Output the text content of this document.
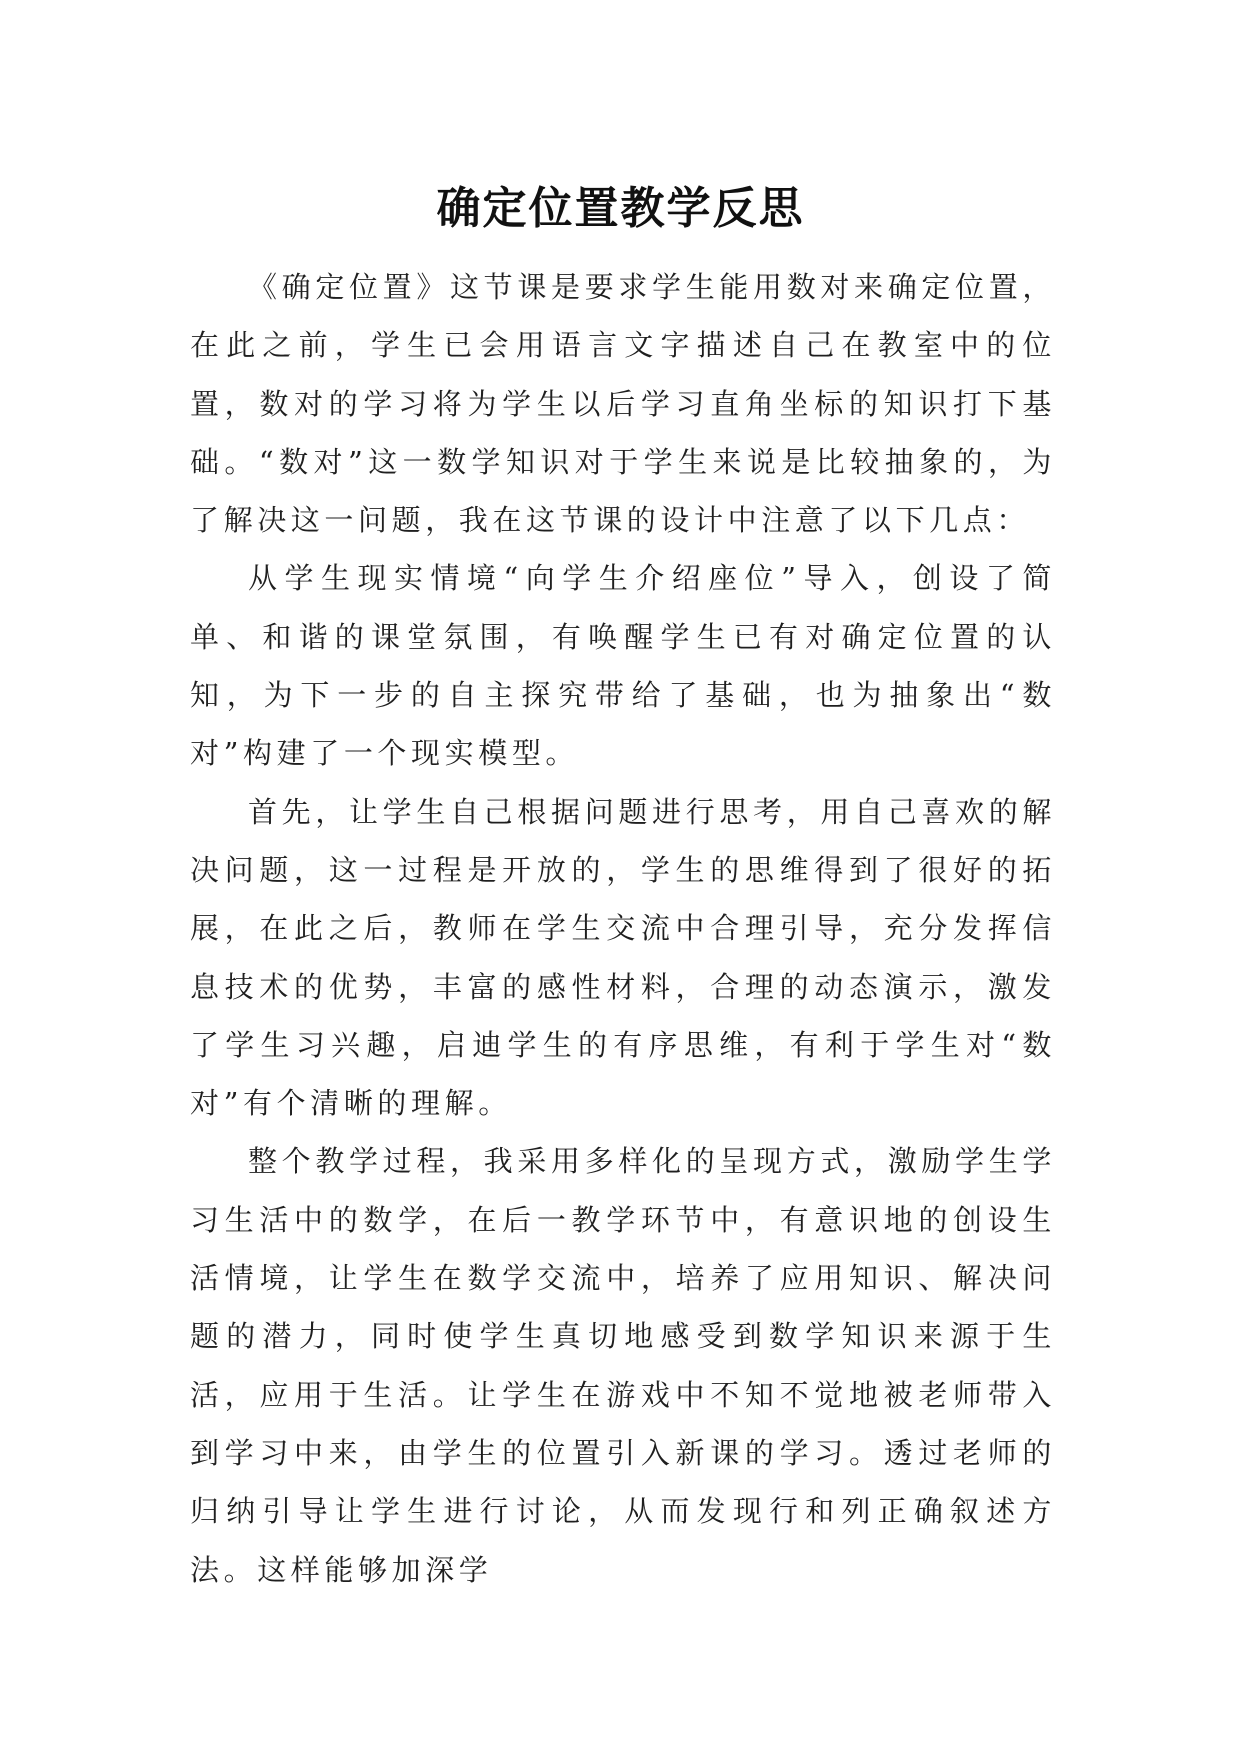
确定位置教学反思

《确定位置》这节课是要求学生能用数对来确定位置，在此之前，学生已会用语言文字描述自己在教室中的位置，数对的学习将为学生以后学习直角坐标的知识打下基础。“数对”这一数学知识对于学生来说是比较抽象的，为了解决这一问题，我在这节课的设计中注意了以下几点：

从学生现实情境“向学生介绍座位”导入，创设了简单、和谐的课堂氛围，有唤醒学生已有对确定位置的认知，为下一步的自主探究带给了基础，也为抽象出“数对”构建了一个现实模型。

首先，让学生自己根据问题进行思考，用自己喜欢的解决问题，这一过程是开放的，学生的思维得到了很好的拓展，在此之后，教师在学生交流中合理引导，充分发挥信息技术的优势，丰富的感性材料，合理的动态演示，激发了学生习兴趣，启迪学生的有序思维，有利于学生对“数对”有个清晰的理解。

整个教学过程，我采用多样化的呈现方式，激励学生学习生活中的数学，在后一教学环节中，有意识地的创设生活情境，让学生在数学交流中，培养了应用知识、解决问题的潜力，同时使学生真切地感受到数学知识来源于生活，应用于生活。让学生在游戏中不知不觉地被老师带入到学习中来，由学生的位置引入新课的学习。透过老师的归纳引导让学生进行讨论，从而发现行和列正确叙述方法。这样能够加深学
